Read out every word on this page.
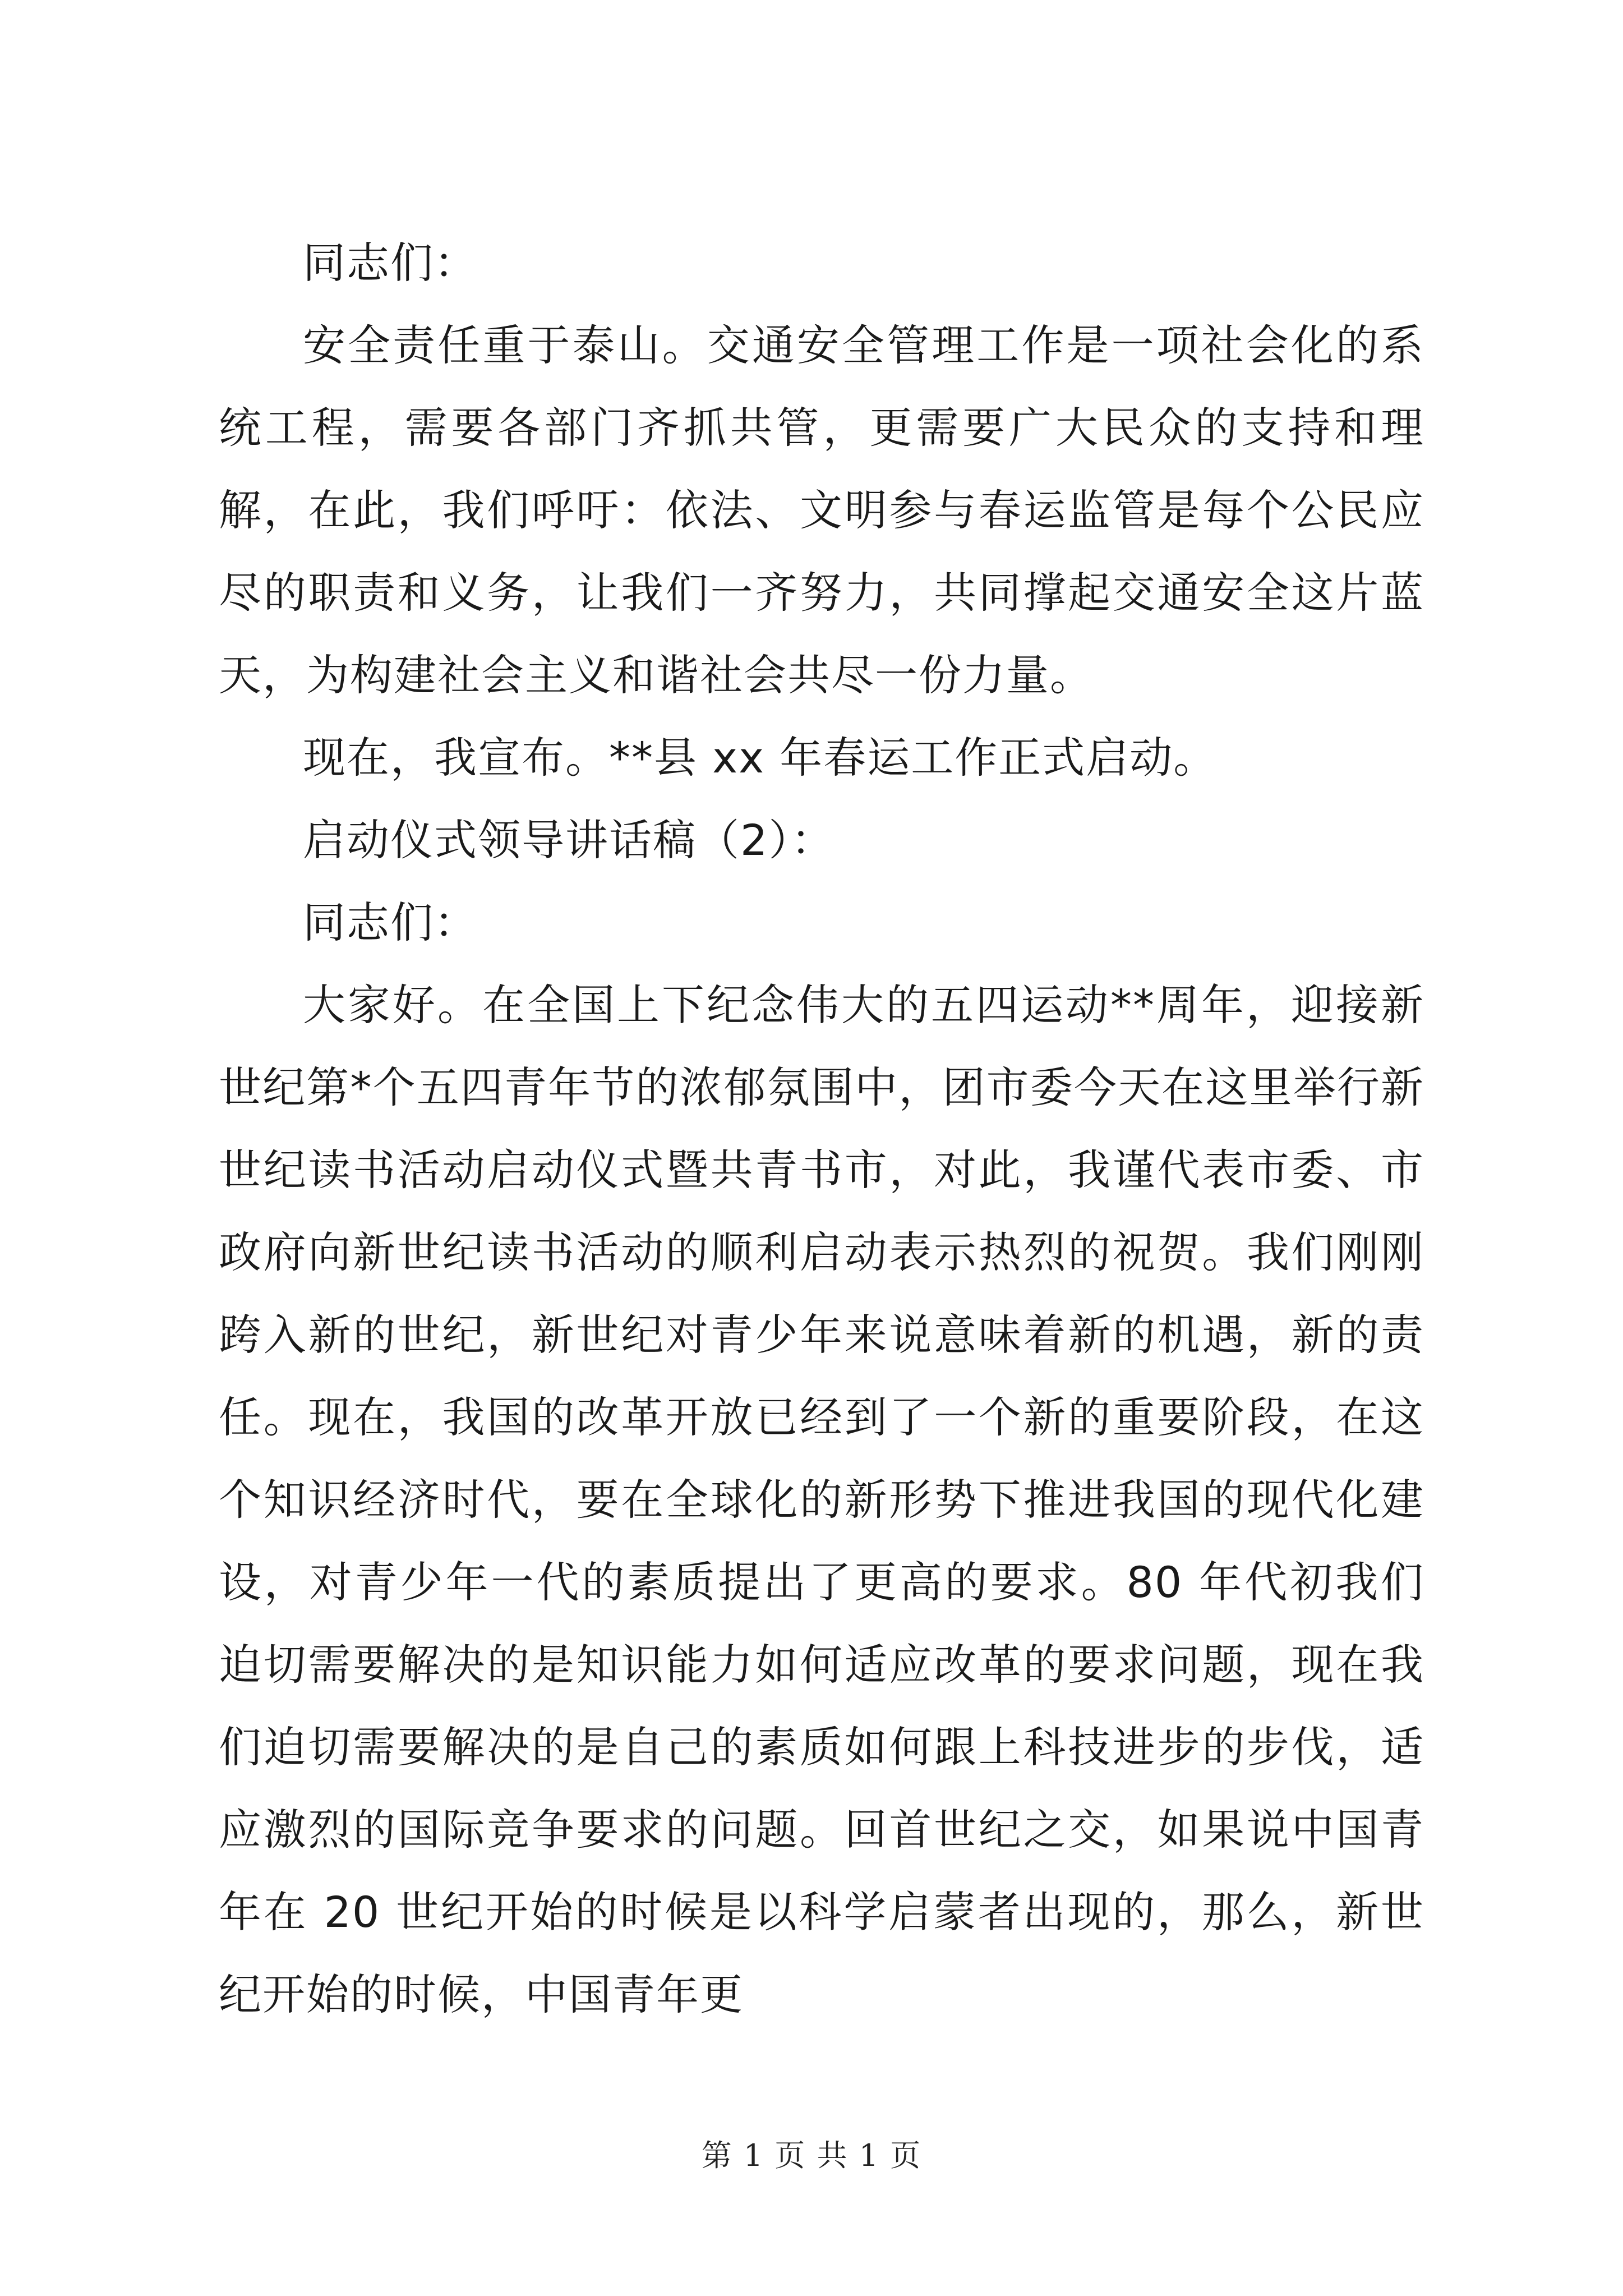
同志们：

安全责任重于泰山。交通安全管理工作是一项社会化的系统工程，需要各部门齐抓共管，更需要广大民众的支持和理解，在此，我们呼吁：依法、文明参与春运监管是每个公民应尽的职责和义务，让我们一齐努力，共同撑起交通安全这片蓝天，为构建社会主义和谐社会共尽一份力量。

现在，我宣布。**县 xx 年春运工作正式启动。

启动仪式领导讲话稿（2）：

同志们：

大家好。在全国上下纪念伟大的五四运动**周年，迎接新世纪第*个五四青年节的浓郁氛围中，团市委今天在这里举行新世纪读书活动启动仪式暨共青书市，对此，我谨代表市委、市政府向新世纪读书活动的顺利启动表示热烈的祝贺。我们刚刚跨入新的世纪，新世纪对青少年来说意味着新的机遇，新的责任。现在，我国的改革开放已经到了一个新的重要阶段，在这个知识经济时代，要在全球化的新形势下推进我国的现代化建设，对青少年一代的素质提出了更高的要求。80 年代初我们迫切需要解决的是知识能力如何适应改革的要求问题，现在我们迫切需要解决的是自己的素质如何跟上科技进步的步伐，适应激烈的国际竞争要求的问题。回首世纪之交，如果说中国青年在 20 世纪开始的时候是以科学启蒙者出现的，那么，新世纪开始的时候，中国青年更

第 1 页 共 1 页
